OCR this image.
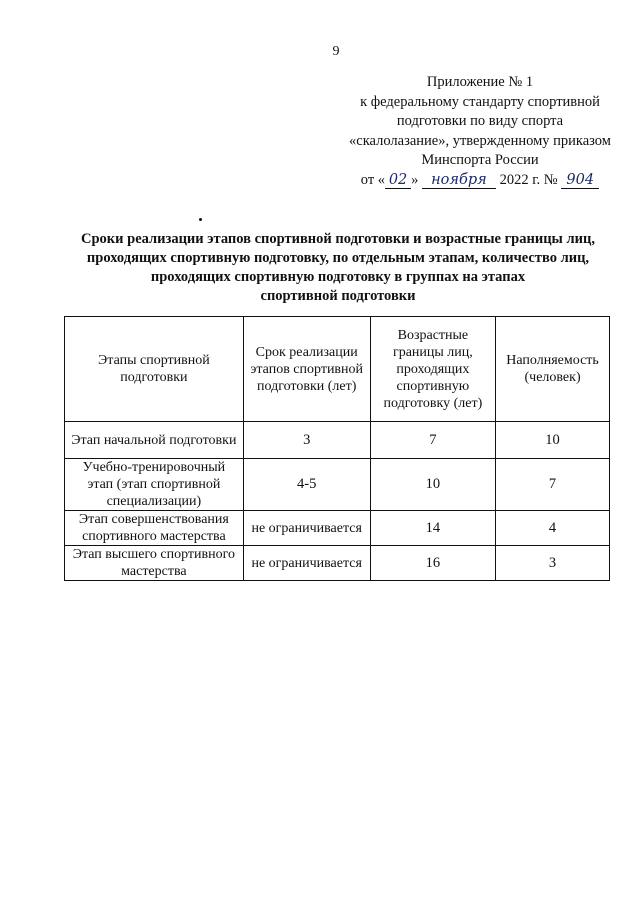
9
Приложение № 1
к федеральному стандарту спортивной
подготовки по виду спорта
«скалолазание», утвержденному приказом
Минспорта России
от « 02 » ноября 2022 г. № 904
Сроки реализации этапов спортивной подготовки и возрастные границы лиц,
проходящих спортивную подготовку, по отдельным этапам, количество лиц,
проходящих спортивную подготовку в группах на этапах
спортивной подготовки
Этапы спортивной подготовки	Срок реализации этапов спортивной подготовки (лет)	Возрастные границы лиц, проходящих спортивную подготовку (лет)	Наполняемость (человек)
Этап начальной подготовки	3	7	10
Учебно-тренировочный этап (этап спортивной специализации)	4-5	10	7
Этап совершенствования спортивного мастерства	не ограничивается	14	4
Этап высшего спортивного мастерства	не ограничивается	16	3
